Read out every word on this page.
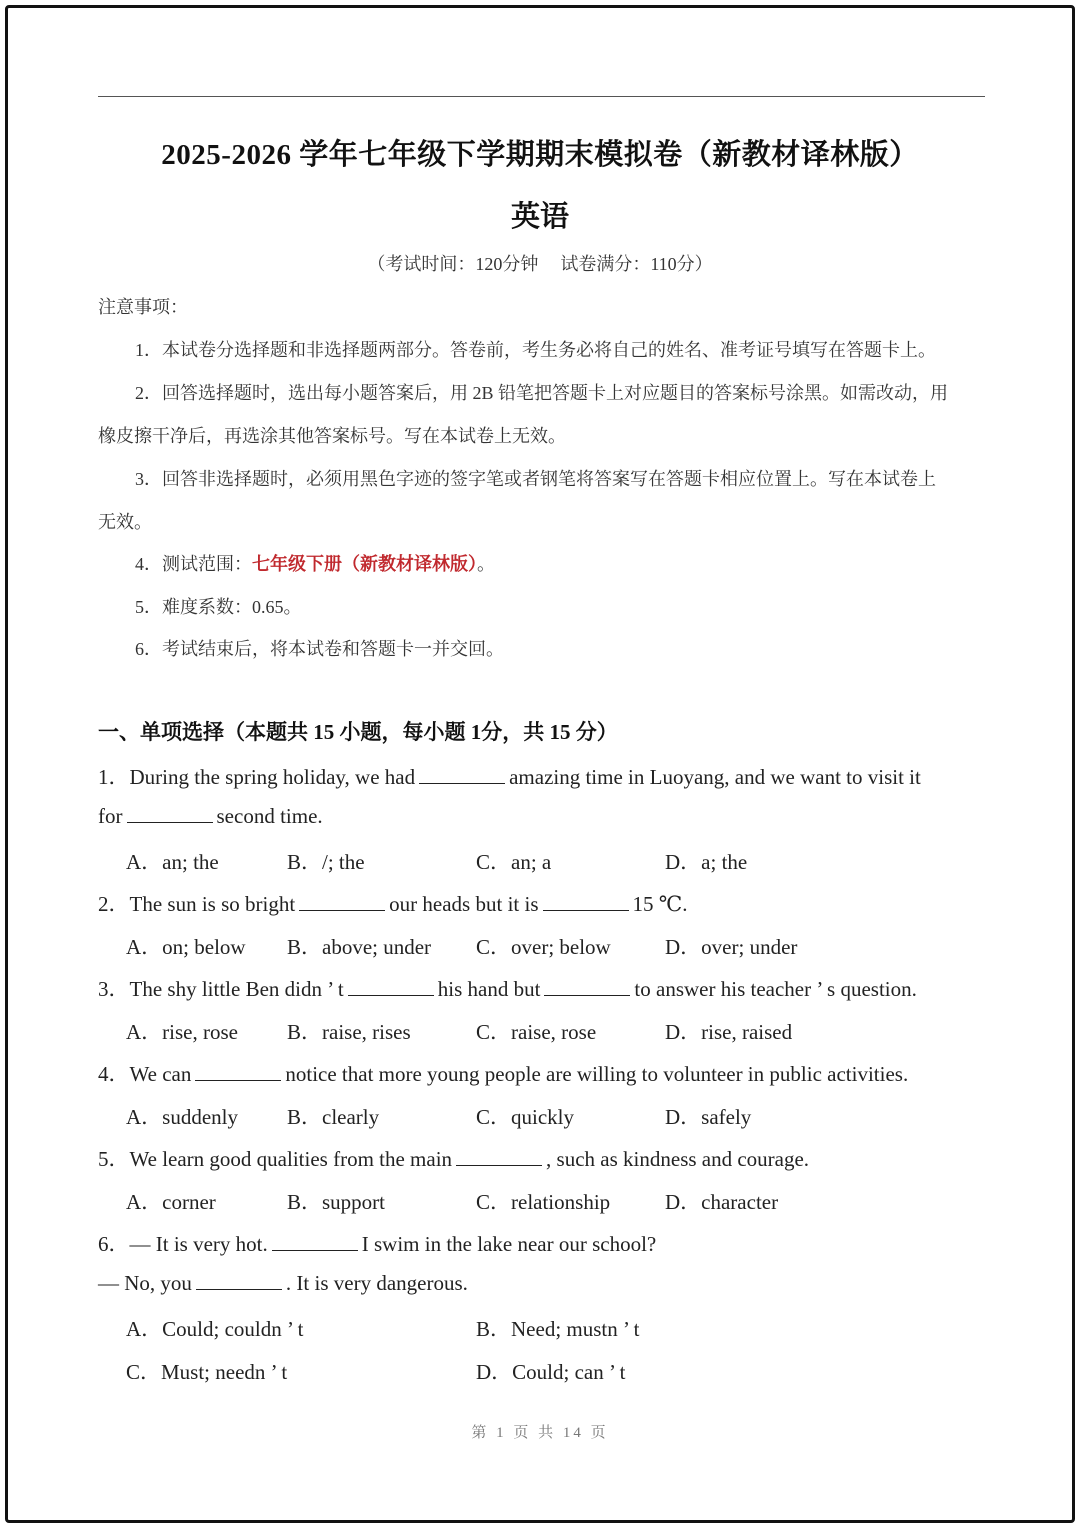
2025-2026 学年七年级下学期期末模拟卷（新教材译林版）
英语
（考试时间：120分钟 试卷满分：110分）
注意事项：
1．本试卷分选择题和非选择题两部分。答卷前，考生务必将自己的姓名、准考证号填写在答题卡上。
2．回答选择题时，选出每小题答案后，用 2B 铅笔把答题卡上对应题目的答案标号涂黑。如需改动，用
橡皮擦干净后，再选涂其他答案标号。写在本试卷上无效。
3．回答非选择题时，必须用黑色字迹的签字笔或者钢笔将答案写在答题卡相应位置上。写在本试卷上
无效。
4．测试范围：七年级下册（新教材译林版）。
5．难度系数：0.65。
6．考试结束后，将本试卷和答题卡一并交回。
一、单项选择（本题共 15 小题，每小题 1分，共 15 分）
1．During the spring holiday, we had	amazing time in Luoyang, and we want to visit it
for	second time.
A．an; the	B．/; the	C．an; a	D．a; the
2．The sun is so bright	our heads but it is	15 ℃.
A．on; below B．above; under C．over; below	D．over; under
3．The shy little Ben didn ’ t	his hand but	to answer his teacher ’ s question.
A．rise, rose B．raise, rises	C．raise, rose	D．rise, raised
4．We can	notice that more young people are willing to volunteer in public activities.
A．suddenly B．clearly	C．quickly	D．safely
5．We learn good qualities from the main	, such as kindness and courage.
A．corner	B．support	C．relationship	D．character
6．— It is very hot.	I swim in the lake near our school?
— No, you	. It is very dangerous.
A．Could; couldn ’ t	B．Need; mustn ’ t
C．Must; needn ’ t	D．Could; can ’ t
第 1 页 共 14 页
